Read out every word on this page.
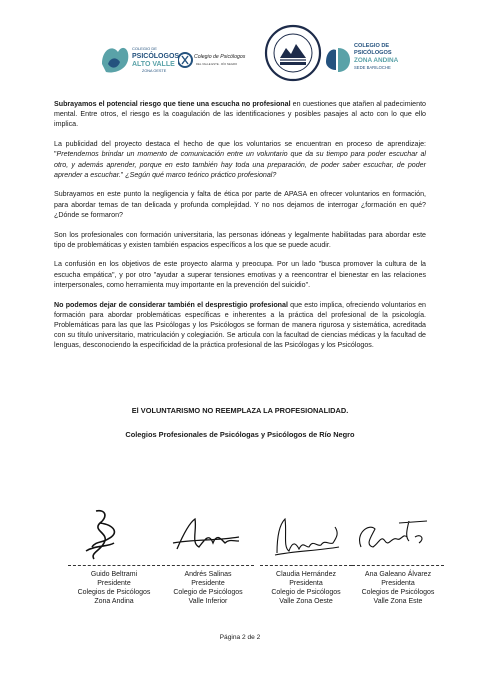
COLEGIO DE
PSICÓLOGOS
ALTO VALLE
ZONA OESTE
Colegio de Psicólogos
DEL VALLE ESTE · RÍO NEGRO
COLEGIO DE
PSICÓLOGOS
ZONA ANDINA
SEDE BARILOCHE

Subrayamos el potencial riesgo que tiene una escucha no profesional en cuestiones que atañen al padecimiento mental. Entre otros, el riesgo es la coagulación de las identificaciones y posibles pasajes al acto con lo que ello implica.

La publicidad del proyecto destaca el hecho de que los voluntarios se encuentran en proceso de aprendizaje: "Pretendemos brindar un momento de comunicación entre un voluntario que da su tiempo para poder escuchar al otro, y además aprender, porque en esto también hay toda una preparación, de poder saber escuchar, de poder aprender a escuchar." ¿Según qué marco teórico práctico profesional?

Subrayamos en este punto la negligencia y falta de ética por parte de APASA en ofrecer voluntarios en formación, para abordar temas de tan delicada y profunda complejidad. Y no nos dejamos de interrogar ¿formación en qué? ¿Dónde se formaron?

Son los profesionales con formación universitaria, las personas idóneas y legalmente habilitadas para abordar este tipo de problemáticas y existen también espacios específicos a los que se puede acudir.

La confusión en los objetivos de este proyecto alarma y preocupa. Por un lado "busca promover la cultura de la escucha empática", y por otro "ayudar a superar tensiones emotivas y a reencontrar el bienestar en las relaciones interpersonales, como herramienta muy importante en la prevención del suicidio".

No podemos dejar de considerar también el desprestigio profesional que esto implica, ofreciendo voluntarios en formación para abordar problemáticas específicas e inherentes a la práctica del profesional de la psicología. Problemáticas para las que las Psicólogas y los Psicólogos se forman de manera rigurosa y sistemática, acreditada con su título universitario, matriculación y colegiación. Se articula con la facultad de ciencias médicas y la facultad de lenguas, desconociendo la especificidad de la práctica profesional de las Psicólogas y los Psicólogos.

El VOLUNTARISMO NO REEMPLAZA LA PROFESIONALIDAD.
Colegios Profesionales de Psicólogas y Psicólogos de Río Negro
Guido Beltrami
Presidente
Colegios de Psicólogos
Zona Andina
Andrés Salinas
Presidente
Colegio de Psicólogos
Valle Inferior
Claudia Hernández
Presidenta
Colegio de Psicólogos
Valle Zona Oeste
Ana Galeano Álvarez
Presidenta
Colegios de Psicólogos
Valle Zona Este
Página 2 de 2
